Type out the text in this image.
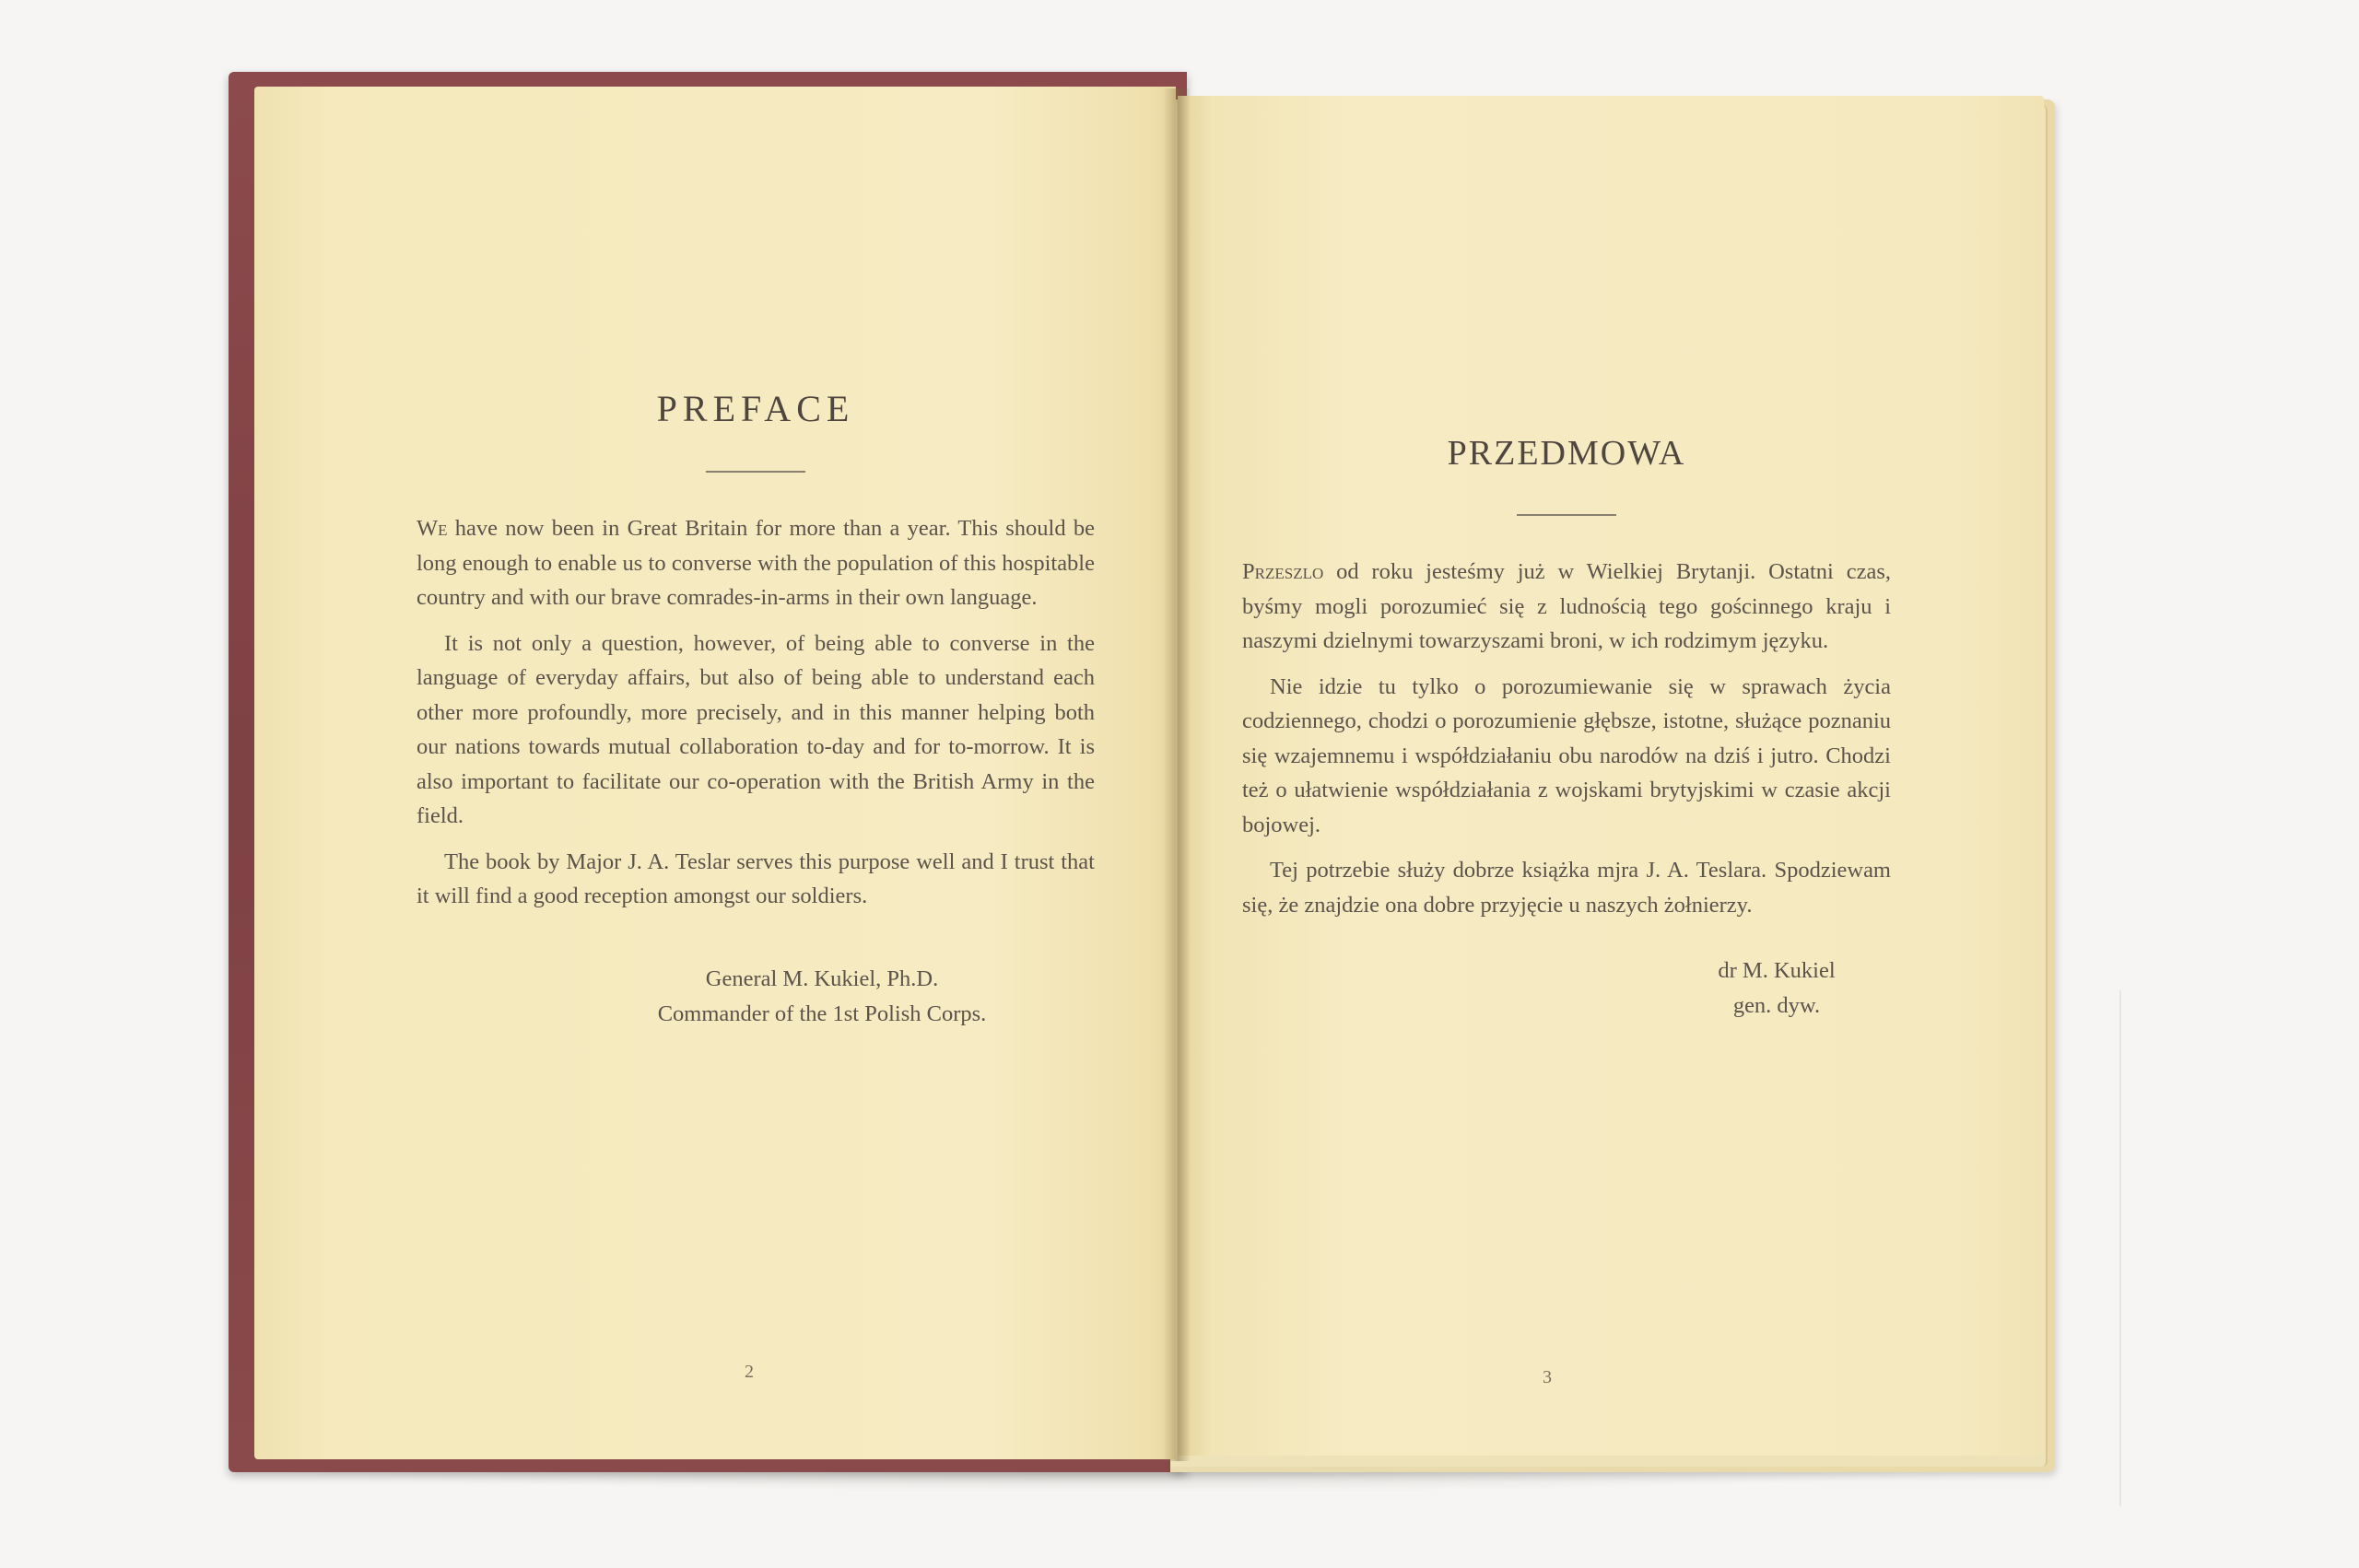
PREFACE

We have now been in Great Britain for more than a year. This should be long enough to enable us to converse with the population of this hospitable country and with our brave comrades-in-arms in their own language.

It is not only a question, however, of being able to converse in the language of everyday affairs, but also of being able to understand each other more profoundly, more precisely, and in this manner helping both our nations towards mutual collaboration to-day and for to-morrow. It is also important to facilitate our co-operation with the British Army in the field.

The book by Major J. A. Teslar serves this purpose well and I trust that it will find a good reception amongst our soldiers.

General M. Kukiel, Ph.D.
Commander of the 1st Polish Corps.
2
PRZEDMOWA

Przeszlo od roku jesteśmy już w Wielkiej Brytanji. Ostatni czas, byśmy mogli porozumieć się z ludnością tego gościnnego kraju i naszymi dzielnymi towarzyszami broni, w ich rodzimym języku.

Nie idzie tu tylko o porozumiewanie się w sprawach życia codziennego, chodzi o porozumienie głębsze, istotne, służące poznaniu się wzajemnemu i współdziałaniu obu narodów na dziś i jutro. Chodzi też o ułatwienie współdziałania z wojskami brytyjskimi w czasie akcji bojowej.

Tej potrzebie służy dobrze książka mjra J. A. Teslara. Spodziewam się, że znajdzie ona dobre przyjęcie u naszych żołnierzy.

dr M. Kukiel
gen. dyw.
3
